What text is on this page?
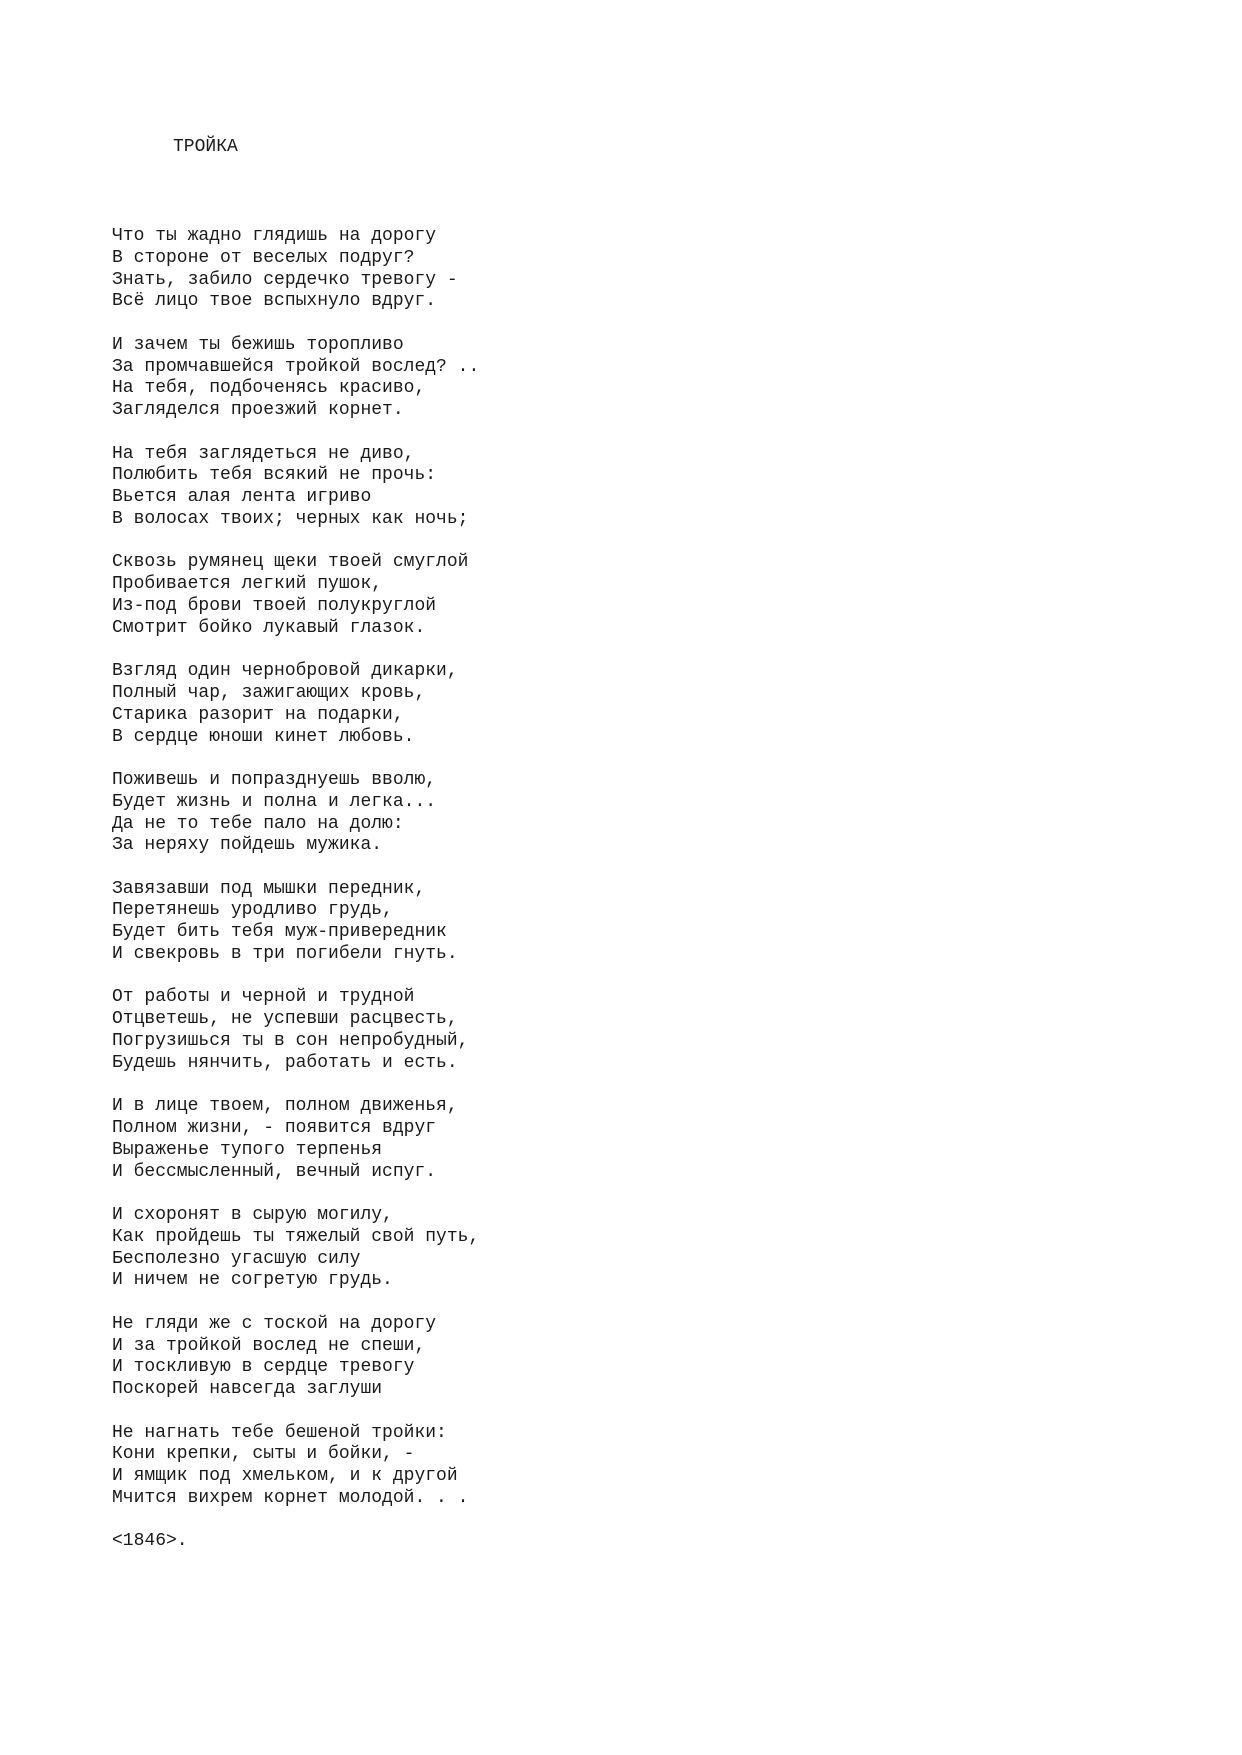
ТРОЙКА
Что ты жадно глядишь на дорогу
В стороне от веселых подруг?
Знать, забило сердечко тревогу -
Всё лицо твое вспыхнуло вдруг.
И зачем ты бежишь торопливо
За промчавшейся тройкой вослед? ..
На тебя, подбоченясь красиво,
Загляделся проезжий корнет.
На тебя заглядеться не диво,
Полюбить тебя всякий не прочь:
Вьется алая лента игриво
В волосах твоих; черных как ночь;
Сквозь румянец щеки твоей смуглой
Пробивается легкий пушок,
Из-под брови твоей полукруглой
Смотрит бойко лукавый глазок.
Взгляд один чернобровой дикарки,
Полный чар, зажигающих кровь,
Старика разорит на подарки,
В сердце юноши кинет любовь.
Поживешь и попразднуешь вволю,
Будет жизнь и полна и легка...
Да не то тебе пало на долю:
За неряху пойдешь мужика.
Завязавши под мышки передник,
Перетянешь уродливо грудь,
Будет бить тебя муж-привередник
И свекровь в три погибели гнуть.
От работы и черной и трудной
Отцветешь, не успевши расцвесть,
Погрузишься ты в сон непробудный,
Будешь нянчить, работать и есть.
И в лице твоем, полном движенья,
Полном жизни, - появится вдруг
Выраженье тупого терпенья
И бессмысленный, вечный испуг.
И схоронят в сырую могилу,
Как пройдешь ты тяжелый свой путь,
Бесполезно угасшую силу
И ничем не согретую грудь.
Не гляди же с тоской на дорогу
И за тройкой вослед не спеши,
И тоскливую в сердце тревогу
Поскорей навсегда заглуши
Не нагнать тебе бешеной тройки:
Кони крепки, сыты и бойки, -
И ямщик под хмельком, и к другой
Мчится вихрем корнет молодой. . .
<1846>.
